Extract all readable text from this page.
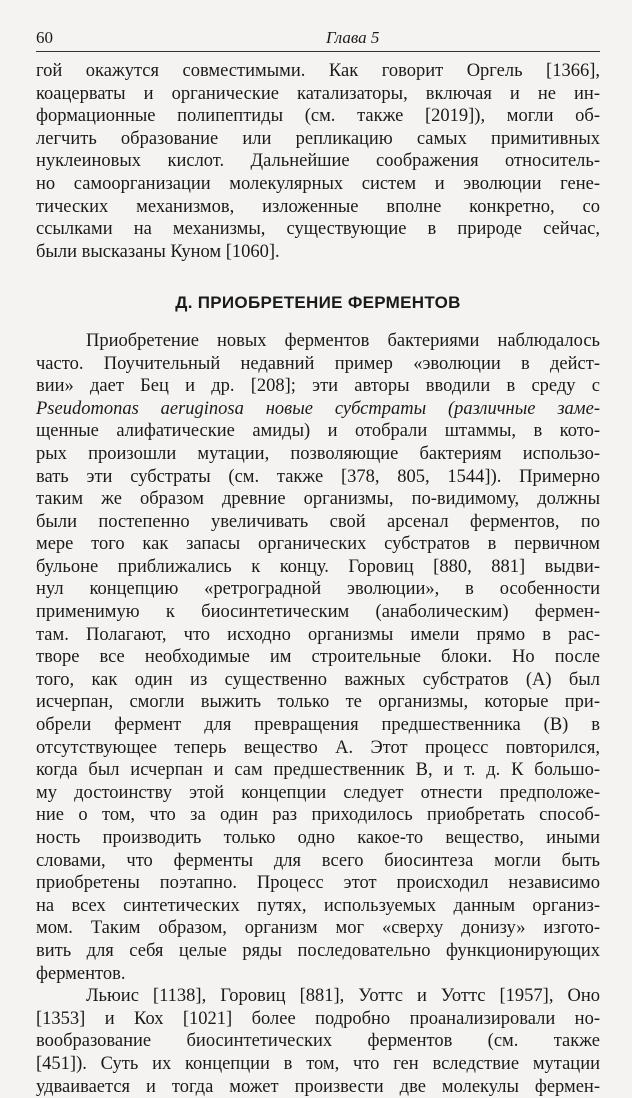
60	Глава 5
гой окажутся совместимыми. Как говорит Оргель [1366],
коацерваты и органические катализаторы, включая и не ин-
формационные полипептиды (см. также [2019]), могли об-
легчить образование или репликацию самых примитивных
нуклеиновых кислот. Дальнейшие соображения относитель-
но самоорганизации молекулярных систем и эволюции гене-
тических механизмов, изложенные вполне конкретно, со
ссылками на механизмы, существующие в природе сейчас,
были высказаны Куном [1060].
Д. ПРИОБРЕТЕНИЕ ФЕРМЕНТОВ
Приобретение новых ферментов бактериями наблюдалось
часто. Поучительный недавний пример «эволюции в дейст-
вии» дает Бец и др. [208]; эти авторы вводили в среду с
Pseudomonas aeruginosa новые субстраты (различные заме-
щенные алифатические амиды) и отобрали штаммы, в кото-
рых произошли мутации, позволяющие бактериям использо-
вать эти субстраты (см. также [378, 805, 1544]). Примерно
таким же образом древние организмы, по-видимому, должны
были постепенно увеличивать свой арсенал ферментов, по
мере того как запасы органических субстратов в первичном
бульоне приближались к концу. Горовиц [880, 881] выдви-
нул концепцию «ретроградной эволюции», в особенности
применимую к биосинтетическим (анаболическим) фермен-
там. Полагают, что исходно организмы имели прямо в рас-
творе все необходимые им строительные блоки. Но после
того, как один из существенно важных субстратов (А) был
исчерпан, смогли выжить только те организмы, которые при-
обрели фермент для превращения предшественника (В) в
отсутствующее теперь вещество А. Этот процесс повторился,
когда был исчерпан и сам предшественник В, и т. д. К большо-
му достоинству этой концепции следует отнести предположе-
ние о том, что за один раз приходилось приобретать способ-
ность производить только одно какое-то вещество, иными
словами, что ферменты для всего биосинтеза могли быть
приобретены поэтапно. Процесс этот происходил независимо
на всех синтетических путях, используемых данным организ-
мом. Таким образом, организм мог «сверху донизу» изгото-
вить для себя целые ряды последовательно функционирующих
ферментов.
Льюис [1138], Горовиц [881], Уоттс и Уоттс [1957], Оно
[1353] и Кох [1021] более подробно проанализировали но-
вообразование биосинтетических ферментов (см. также
[451]). Суть их концепции в том, что ген вследствие мутации
удваивается и тогда может произвести две молекулы фермен-
